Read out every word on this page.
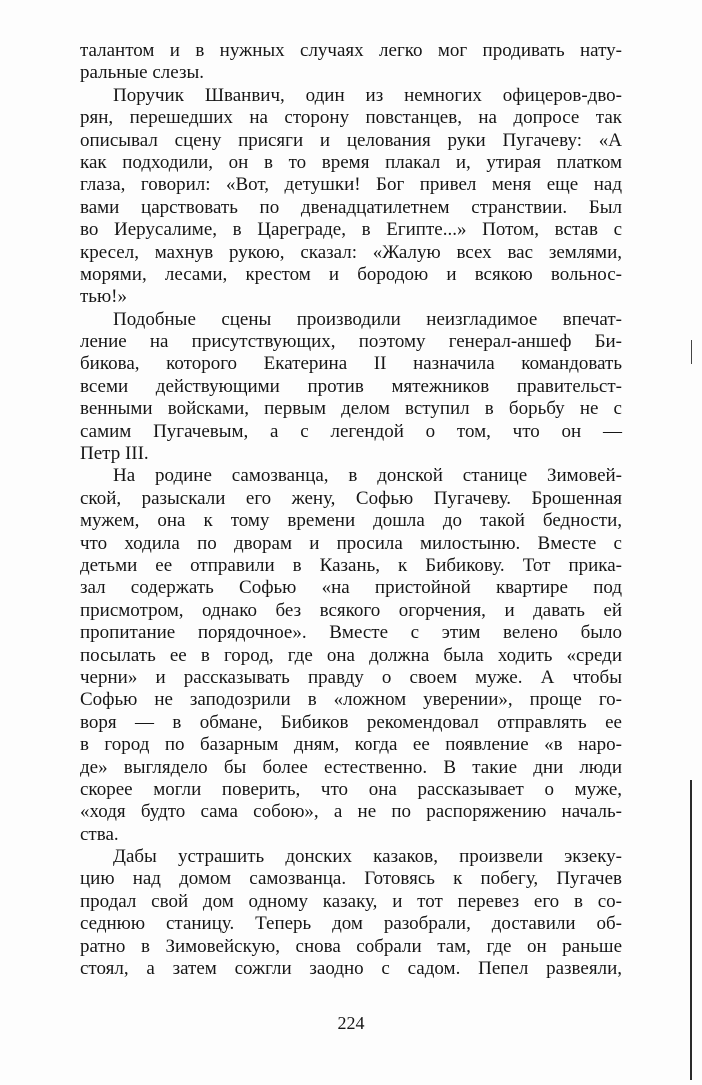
талантом и в нужных случаях легко мог продивать нату-
ральные слезы.
Поручик Шванвич, один из немногих офицеров-дво-
рян, перешедших на сторону повстанцев, на допросе так
описывал сцену присяги и целования руки Пугачеву: «А
как подходили, он в то время плакал и, утирая платком
глаза, говорил: «Вот, детушки! Бог привел меня еще над
вами царствовать по двенадцатилетнем странствии. Был
во Иерусалиме, в Цареграде, в Египте...» Потом, встав с
кресел, махнув рукою, сказал: «Жалую всех вас землями,
морями, лесами, крестом и бородою и всякою вольнос-
тью!»
Подобные сцены производили неизгладимое впечат-
ление на присутствующих, поэтому генерал-аншеф Би-
бикова, которого Екатерина II назначила командовать
всеми действующими против мятежников правительст-
венными войсками, первым делом вступил в борьбу не с
самим Пугачевым, а с легендой о том, что он —
Петр III.
На родине самозванца, в донской станице Зимовей-
ской, разыскали его жену, Софью Пугачеву. Брошенная
мужем, она к тому времени дошла до такой бедности,
что ходила по дворам и просила милостыню. Вместе с
детьми ее отправили в Казань, к Бибикову. Тот прика-
зал содержать Софью «на пристойной квартире под
присмотром, однако без всякого огорчения, и давать ей
пропитание порядочное». Вместе с этим велено было
посылать ее в город, где она должна была ходить «среди
черни» и рассказывать правду о своем муже. А чтобы
Софью не заподозрили в «ложном уверении», проще го-
воря — в обмане, Бибиков рекомендовал отправлять ее
в город по базарным дням, когда ее появление «в наро-
де» выглядело бы более естественно. В такие дни люди
скорее могли поверить, что она рассказывает о муже,
«ходя будто сама собою», а не по распоряжению началь-
ства.
Дабы устрашить донских казаков, произвели экзеку-
цию над домом самозванца. Готовясь к побегу, Пугачев
продал свой дом одному казаку, и тот перевез его в со-
седнюю станицу. Теперь дом разобрали, доставили об-
ратно в Зимовейскую, снова собрали там, где он раньше
стоял, а затем сожгли заодно с садом. Пепел развеяли,
224
